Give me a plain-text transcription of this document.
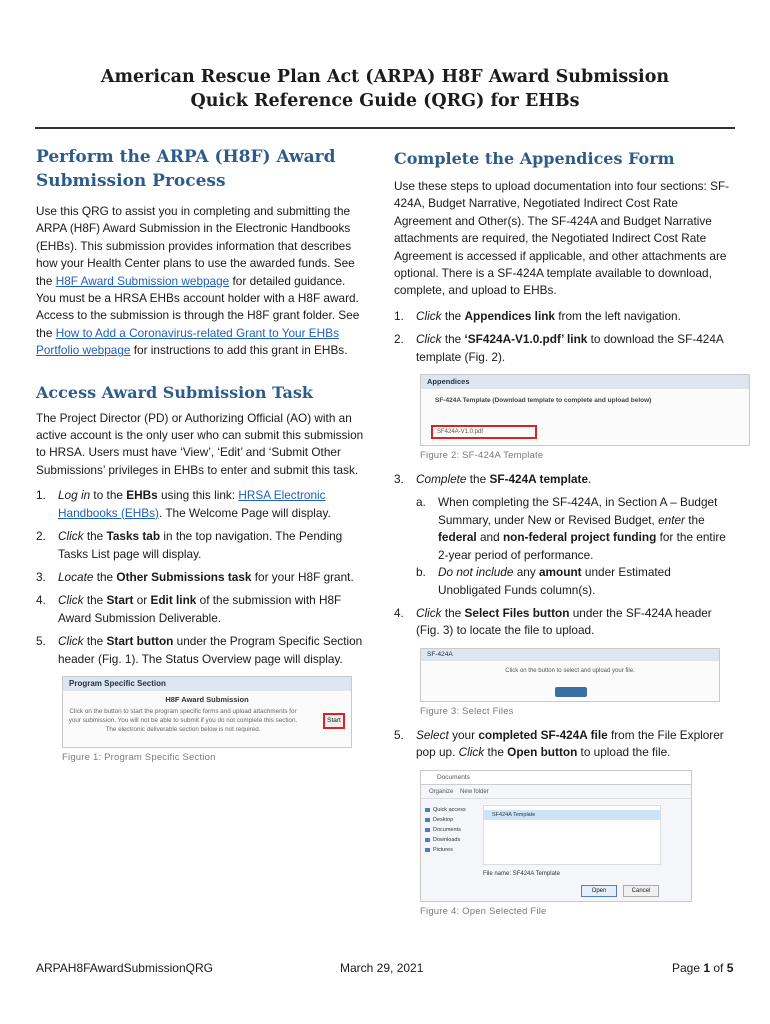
American Rescue Plan Act (ARPA) H8F Award Submission
Quick Reference Guide (QRG) for EHBs
Perform the ARPA (H8F) Award
Submission Process

Use this QRG to assist you in completing and submitting the ARPA (H8F) Award Submission in the Electronic Handbooks (EHBs). This submission provides information that describes how your Health Center plans to use the awarded funds. See the H8F Award Submission webpage for detailed guidance. You must be a HRSA EHBs account holder with a H8F award. Access to the submission is through the H8F grant folder. See the How to Add a Coronavirus-related Grant to Your EHBs Portfolio webpage for instructions to add this grant in EHBs.

Access Award Submission Task

The Project Director (PD) or Authorizing Official (AO) with an active account is the only user who can submit this submission to HRSA. Users must have ‘View’, ‘Edit’ and ‘Submit Other Submissions’ privileges in EHBs to enter and submit this task.

1. Log in to the EHBs using this link: HRSA Electronic Handbooks (EHBs). The Welcome Page will display.
2. Click the Tasks tab in the top navigation. The Pending Tasks List page will display.
3. Locate the Other Submissions task for your H8F grant.
4. Click the Start or Edit link of the submission with H8F Award Submission Deliverable.
5. Click the Start button under the Program Specific Section header (Fig. 1). The Status Overview page will display.
Program Specific Section
H8F Award Submission
Click on the button to start the program specific forms and upload attachments for your submission. You will not be able to submit if you do not complete this section. The electronic deliverable section below is not required.
Start
Figure 1: Program Specific Section
Complete the Appendices Form

Use these steps to upload documentation into four sections: SF-424A, Budget Narrative, Negotiated Indirect Cost Rate Agreement and Other(s). The SF-424A and Budget Narrative attachments are required, the Negotiated Indirect Cost Rate Agreement is accessed if applicable, and other attachments are optional. There is a SF-424A template available to download, complete, and upload to EHBs.

1. Click the Appendices link from the left navigation.
2. Click the ‘SF424A-V1.0.pdf’ link to download the SF-424A template (Fig. 2).
Appendices
SF-424A Template (Download template to complete and upload below)
SF424A-V1.0.pdf
Figure 2: SF-424A Template
3. Complete the SF-424A template.
a. When completing the SF-424A, in Section A – Budget Summary, under New or Revised Budget, enter the federal and non-federal project funding for the entire 2-year period of performance.
b. Do not include any amount under Estimated Unobligated Funds column(s).
4. Click the Select Files button under the SF-424A header (Fig. 3) to locate the file to upload.
SF-424A
Click on the button to select and upload your file.
Figure 3: Select Files
5. Select your completed SF-424A file from the File Explorer pop up. Click the Open button to upload the file.
Documents
Organize New folder
Quick access
Desktop
Documents
Downloads
Pictures
SF424A Template
File name: SF424A Template
Open	Cancel
Figure 4: Open Selected File
ARPAH8FAwardSubmissionQRG	March 29, 2021	Page 1 of 5
